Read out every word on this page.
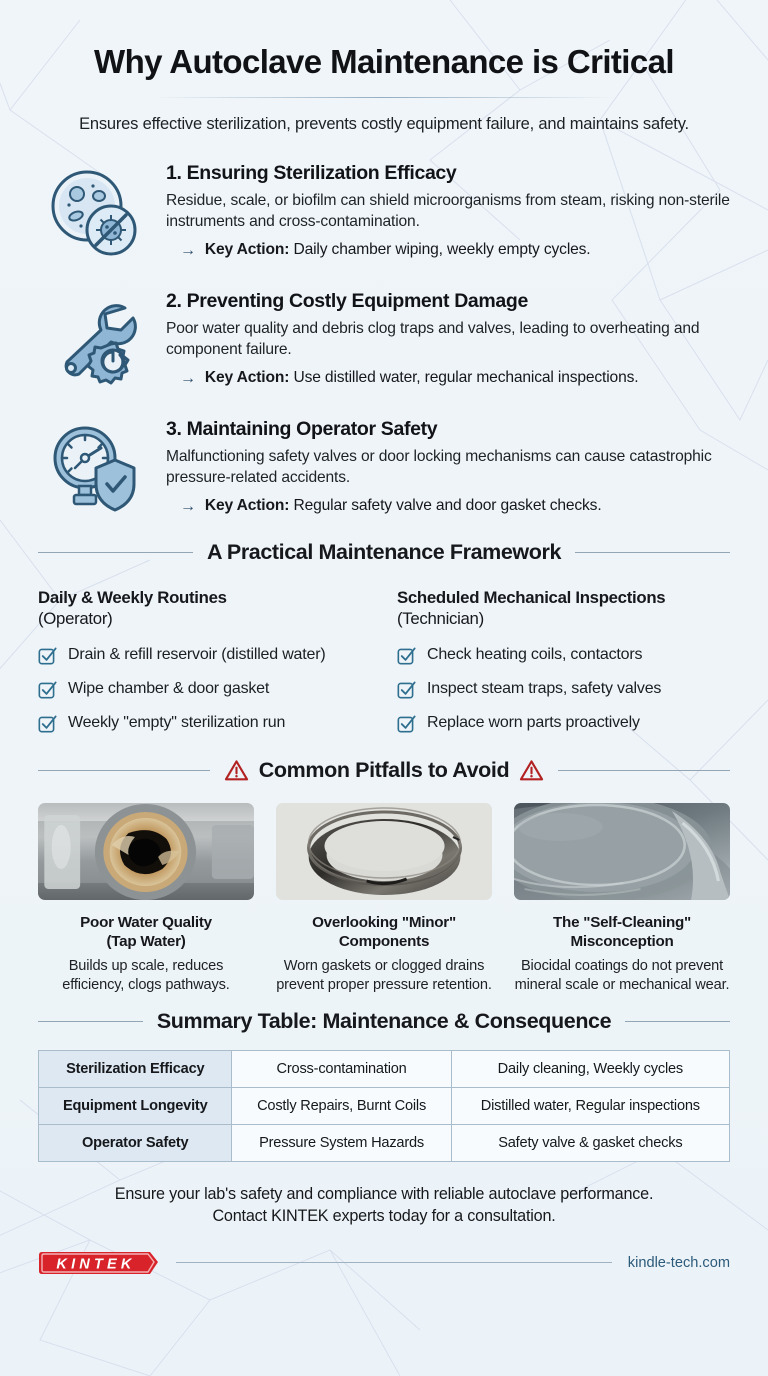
Why Autoclave Maintenance is Critical

Ensures effective sterilization, prevents costly equipment failure, and maintains safety.

1. Ensuring Sterilization Efficacy
Residue, scale, or biofilm can shield microorganisms from steam, risking non-sterile instruments and cross-contamination.
→ Key Action: Daily chamber wiping, weekly empty cycles.
2. Preventing Costly Equipment Damage
Poor water quality and debris clog traps and valves, leading to overheating and component failure.
→ Key Action: Use distilled water, regular mechanical inspections.
3. Maintaining Operator Safety
Malfunctioning safety valves or door locking mechanisms can cause catastrophic pressure-related accidents.
→ Key Action: Regular safety valve and door gasket checks.
A Practical Maintenance Framework
Daily & Weekly Routines
(Operator)
Drain & refill reservoir (distilled water)
Wipe chamber & door gasket
Weekly "empty" sterilization run
Scheduled Mechanical Inspections
(Technician)
Check heating coils, contactors
Inspect steam traps, safety valves
Replace worn parts proactively
Common Pitfalls to Avoid
Poor Water Quality
(Tap Water)
Builds up scale, reduces efficiency, clogs pathways.
Overlooking "Minor"
Components
Worn gaskets or clogged drains prevent proper pressure retention.
The "Self-Cleaning"
Misconception
Biocidal coatings do not prevent mineral scale or mechanical wear.
Summary Table: Maintenance & Consequence
Sterilization Efficacy	Cross-contamination	Daily cleaning, Weekly cycles
Equipment Longevity	Costly Repairs, Burnt Coils	Distilled water, Regular inspections
Operator Safety	Pressure System Hazards	Safety valve & gasket checks
Ensure your lab's safety and compliance with reliable autoclave performance.
Contact KINTEK experts today for a consultation.
KINTEK	kindle-tech.com
